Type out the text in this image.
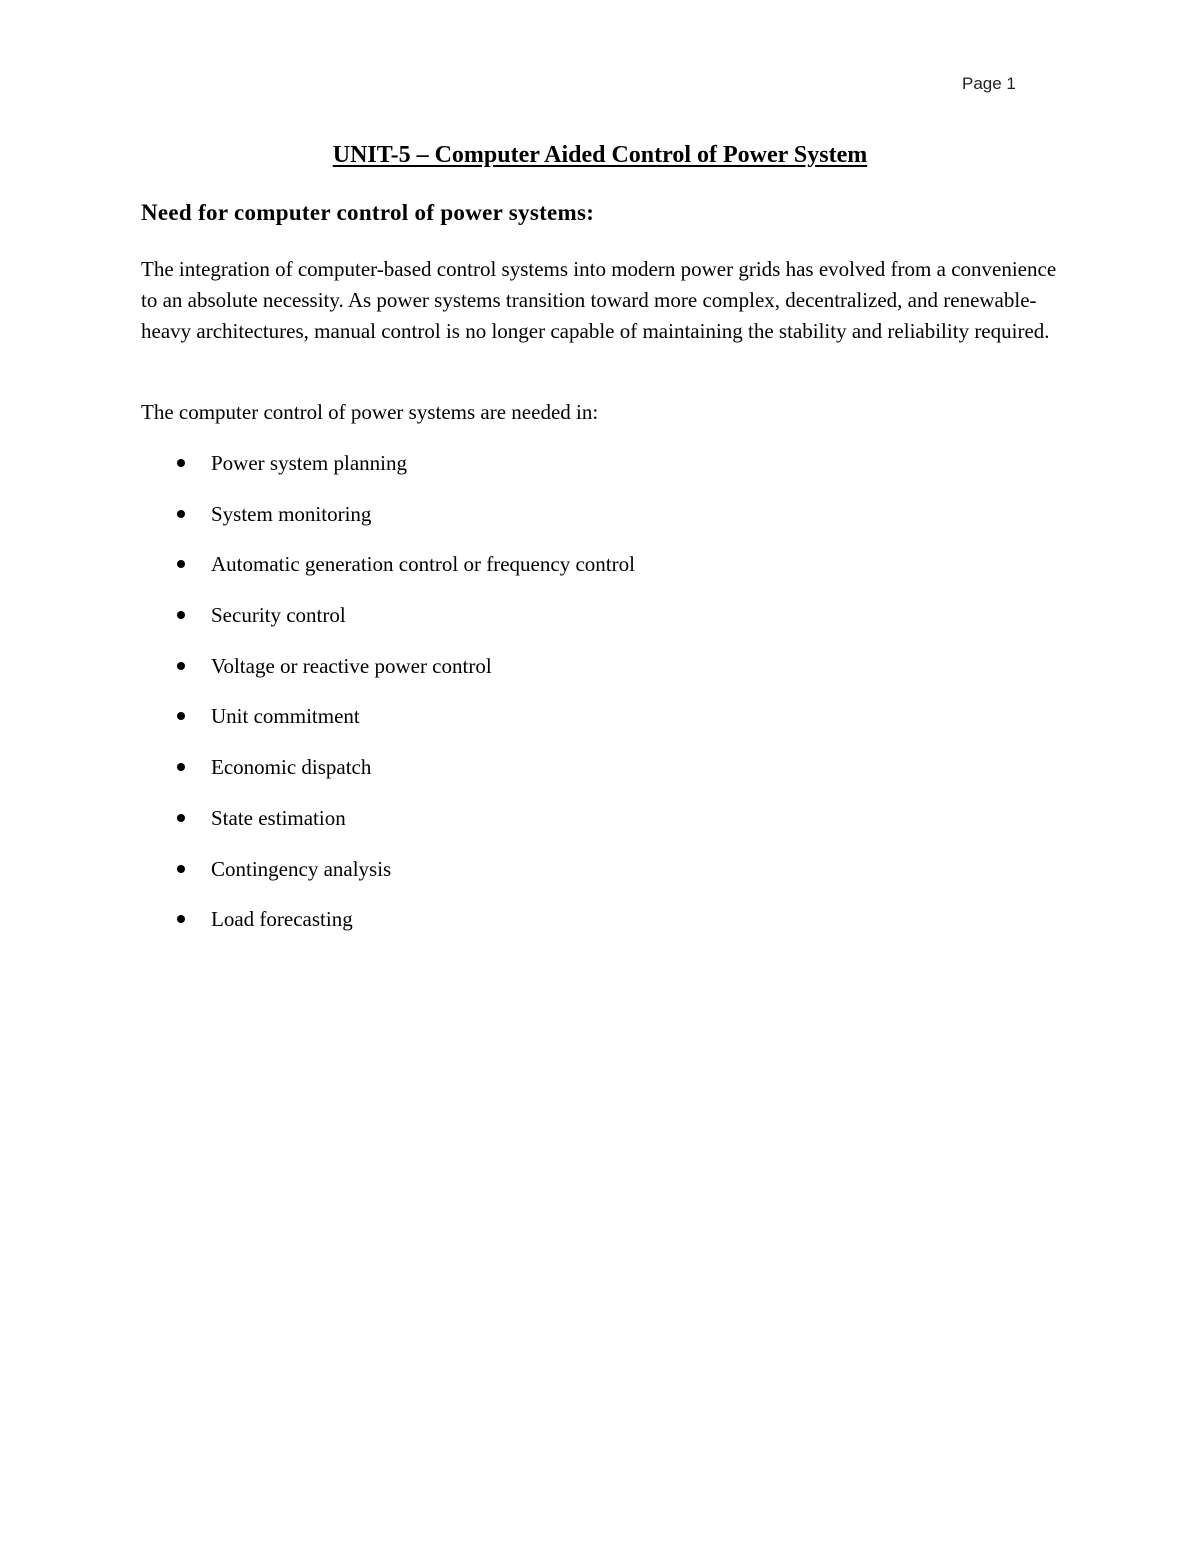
Page 1
UNIT-5 – Computer Aided Control of Power System
Need for computer control of power systems:

The integration of computer-based control systems into modern power grids has evolved from a convenience to an absolute necessity. As power systems transition toward more complex, decentralized, and renewable-heavy architectures, manual control is no longer capable of maintaining the stability and reliability required.

The computer control of power systems are needed in:
Power system planning
System monitoring
Automatic generation control or frequency control
Security control
Voltage or reactive power control
Unit commitment
Economic dispatch
State estimation
Contingency analysis
Load forecasting
